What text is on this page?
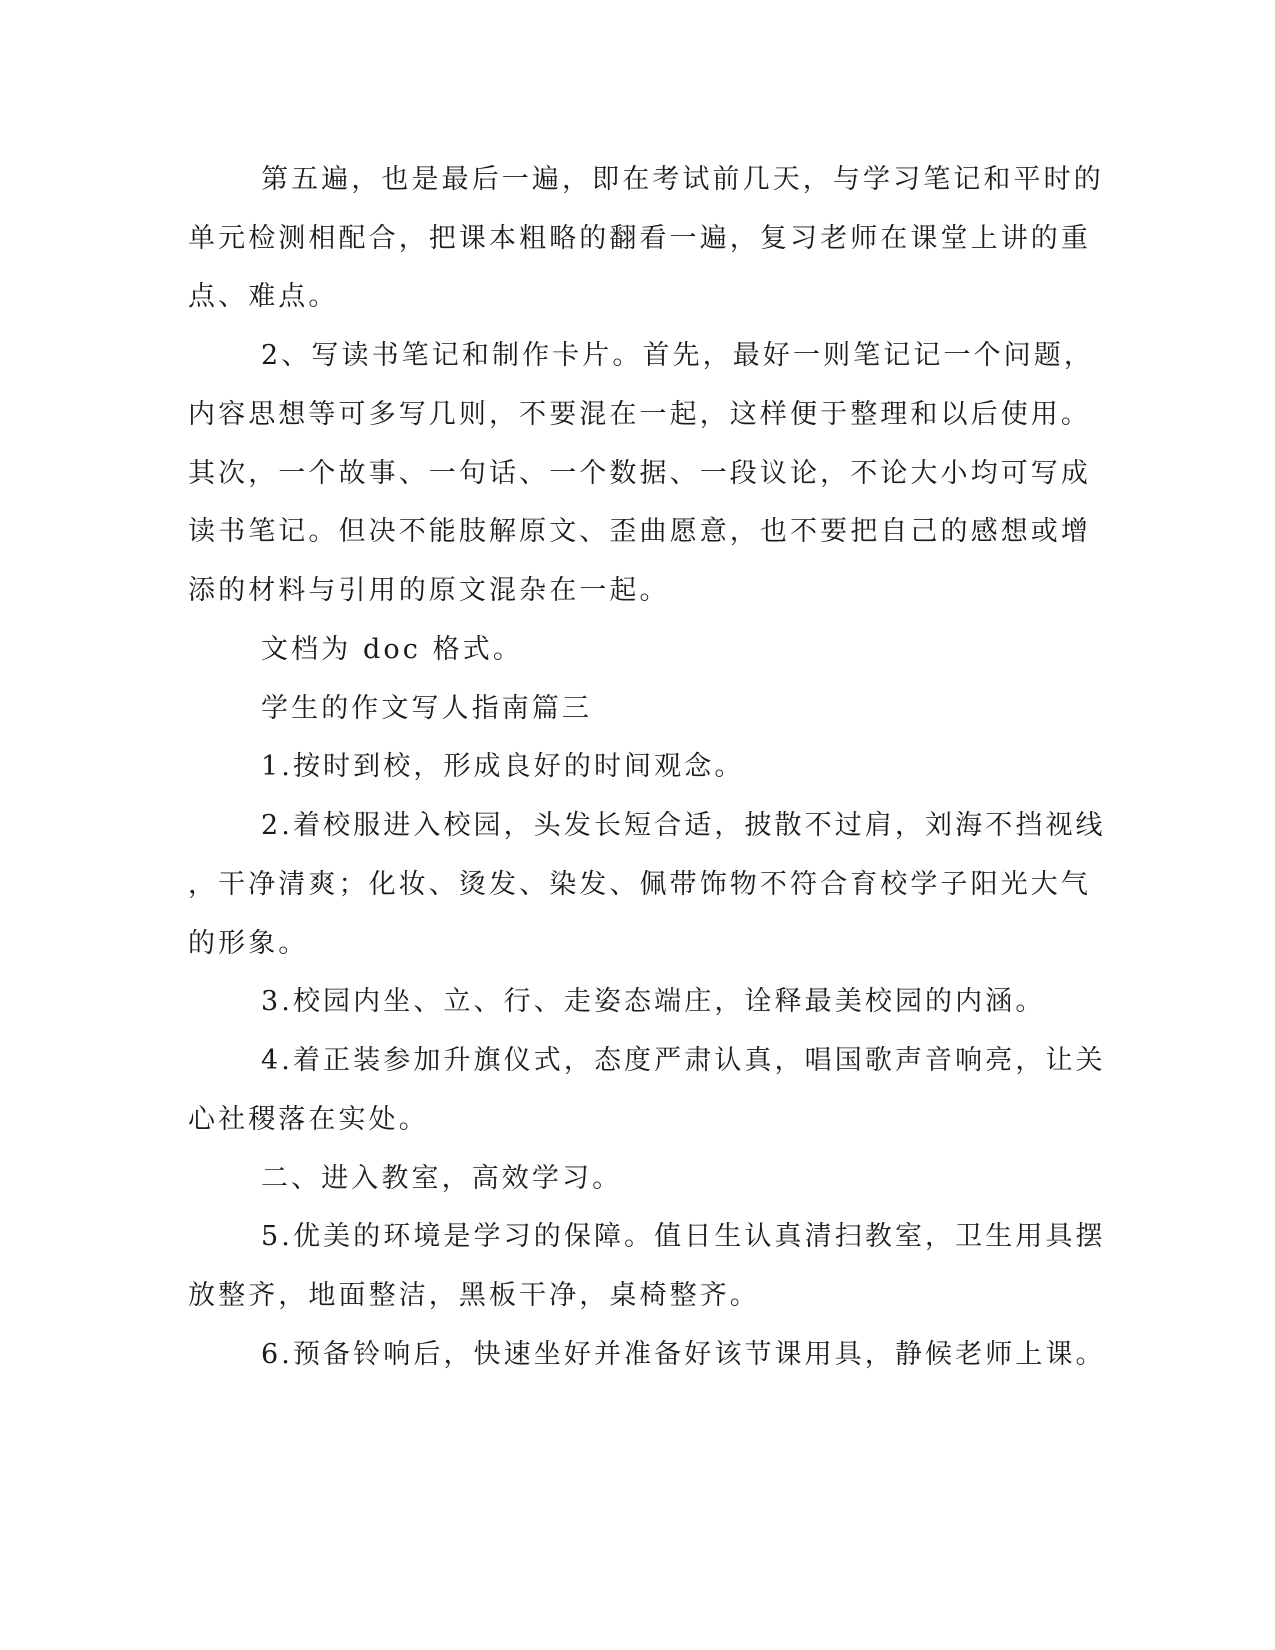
第五遍，也是最后一遍，即在考试前几天，与学习笔记和平时的
单元检测相配合，把课本粗略的翻看一遍，复习老师在课堂上讲的重
点、难点。
2、写读书笔记和制作卡片。首先，最好一则笔记记一个问题，
内容思想等可多写几则，不要混在一起，这样便于整理和以后使用。
其次，一个故事、一句话、一个数据、一段议论，不论大小均可写成
读书笔记。但决不能肢解原文、歪曲愿意，也不要把自己的感想或增
添的材料与引用的原文混杂在一起。
文档为 doc 格式。
学生的作文写人指南篇三
1.按时到校，形成良好的时间观念。
2.着校服进入校园，头发长短合适，披散不过肩，刘海不挡视线
，干净清爽；化妆、烫发、染发、佩带饰物不符合育校学子阳光大气
的形象。
3.校园内坐、立、行、走姿态端庄，诠释最美校园的内涵。
4.着正装参加升旗仪式，态度严肃认真，唱国歌声音响亮，让关
心社稷落在实处。
二、进入教室，高效学习。
5.优美的环境是学习的保障。值日生认真清扫教室，卫生用具摆
放整齐，地面整洁，黑板干净，桌椅整齐。
6.预备铃响后，快速坐好并准备好该节课用具，静候老师上课。
